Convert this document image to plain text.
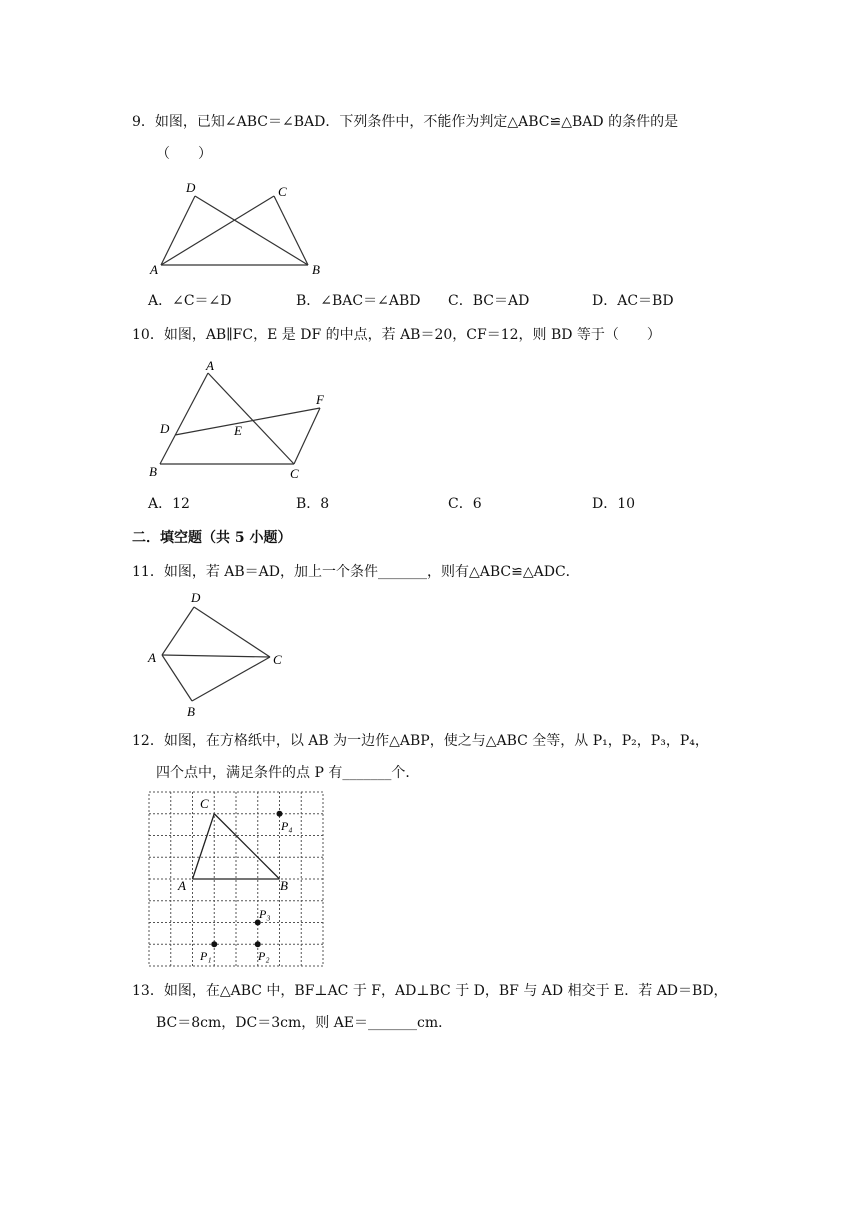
9．如图，已知∠ABC＝∠BAD．下列条件中，不能作为判定△ABC≌△BAD 的条件的是
（　　）
A	B
C
D
A．∠C＝∠D	B．∠BAC＝∠ABD C．BC＝AD	D．AC＝BD
10．如图，AB∥FC，E 是 DF 的中点，若 AB＝20，CF＝12，则 BD 等于（　　）
A
B	C
D	E
F
A．12	B．8	C．6	D．10
二．填空题（共 5 小题）
11．如图，若 AB＝AD，加上一个条件_______，则有△ABC≌△ADC．
A
B
C
D
12．如图，在方格纸中，以 AB 为一边作△ABP，使之与△ABC 全等，从 P₁，P₂，P₃，P₄，
四个点中，满足条件的点 P 有_______个．
A	B
C
P₄
P₃
P₁	P₂
13．如图，在△ABC 中，BF⊥AC 于 F，AD⊥BC 于 D，BF 与 AD 相交于 E．若 AD＝BD，
BC＝8cm，DC＝3cm，则 AE＝_______cm．
